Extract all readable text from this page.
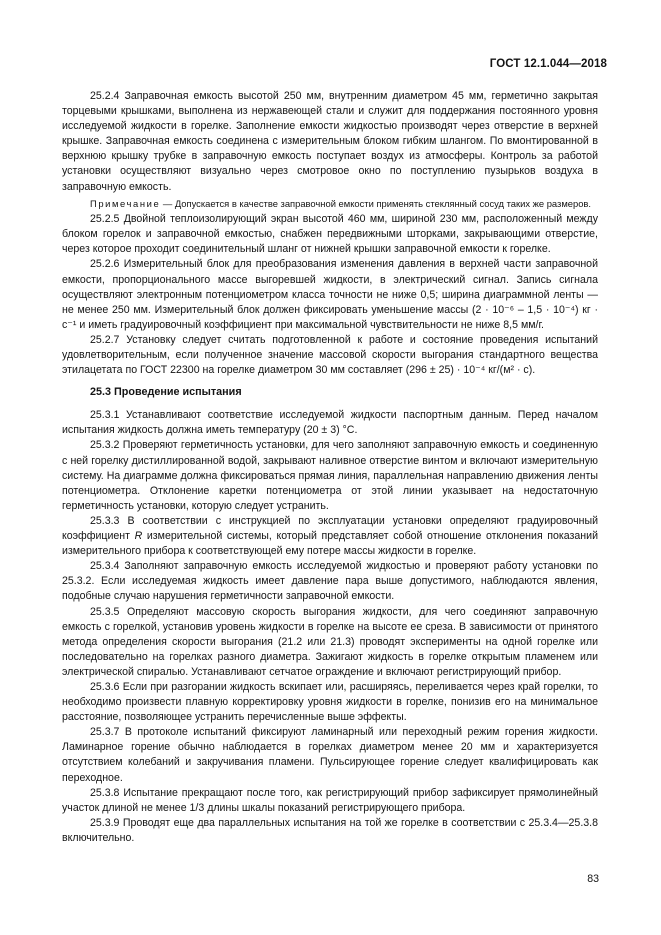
ГОСТ 12.1.044—2018

25.2.4 Заправочная емкость высотой 250 мм, внутренним диаметром 45 мм, герметично закрытая торцевыми крышками, выполнена из нержавеющей стали и служит для поддержания постоянного уровня исследуемой жидкости в горелке. Заполнение емкости жидкостью производят через отверстие в верхней крышке. Заправочная емкость соединена с измерительным блоком гибким шлангом. По вмонтированной в верхнюю крышку трубке в заправочную емкость поступает воздух из атмосферы. Контроль за работой установки осуществляют визуально через смотровое окно по поступлению пузырьков воздуха в заправочную емкость.

Примечание — Допускается в качестве заправочной емкости применять стеклянный сосуд таких же размеров.

25.2.5 Двойной теплоизолирующий экран высотой 460 мм, шириной 230 мм, расположенный между блоком горелок и заправочной емкостью, снабжен передвижными шторками, закрывающими отверстие, через которое проходит соединительный шланг от нижней крышки заправочной емкости к горелке.

25.2.6 Измерительный блок для преобразования изменения давления в верхней части заправочной емкости, пропорционального массе выгоревшей жидкости, в электрический сигнал. Запись сигнала осуществляют электронным потенциометром класса точности не ниже 0,5; ширина диаграммной ленты — не менее 250 мм. Измерительный блок должен фиксировать уменьшение массы (2 · 10⁻⁶ – 1,5 · 10⁻⁴) кг · с⁻¹ и иметь градуировочный коэффициент при максимальной чувствительности не ниже 8,5 мм/г.

25.2.7 Установку следует считать подготовленной к работе и состояние проведения испытаний удовлетворительным, если полученное значение массовой скорости выгорания стандартного вещества этилацетата по ГОСТ 22300 на горелке диаметром 30 мм составляет (296 ± 25) · 10⁻⁴ кг/(м² · с).

25.3 Проведение испытания

25.3.1 Устанавливают соответствие исследуемой жидкости паспортным данным. Перед началом испытания жидкость должна иметь температуру (20 ± 3) °С.

25.3.2 Проверяют герметичность установки, для чего заполняют заправочную емкость и соединенную с ней горелку дистиллированной водой, закрывают наливное отверстие винтом и включают измерительную систему. На диаграмме должна фиксироваться прямая линия, параллельная направлению движения ленты потенциометра. Отклонение каретки потенциометра от этой линии указывает на недостаточную герметичность установки, которую следует устранить.

25.3.3 В соответствии с инструкцией по эксплуатации установки определяют градуировочный коэффициент R измерительной системы, который представляет собой отношение отклонения показаний измерительного прибора к соответствующей ему потере массы жидкости в горелке.

25.3.4 Заполняют заправочную емкость исследуемой жидкостью и проверяют работу установки по 25.3.2. Если исследуемая жидкость имеет давление пара выше допустимого, наблюдаются явления, подобные случаю нарушения герметичности заправочной емкости.

25.3.5 Определяют массовую скорость выгорания жидкости, для чего соединяют заправочную емкость с горелкой, установив уровень жидкости в горелке на высоте ее среза. В зависимости от принятого метода определения скорости выгорания (21.2 или 21.3) проводят эксперименты на одной горелке или последовательно на горелках разного диаметра. Зажигают жидкость в горелке открытым пламенем или электрической спиралью. Устанавливают сетчатое ограждение и включают регистрирующий прибор.

25.3.6 Если при разгорании жидкость вскипает или, расширяясь, переливается через край горелки, то необходимо произвести плавную корректировку уровня жидкости в горелке, понизив его на минимальное расстояние, позволяющее устранить перечисленные выше эффекты.

25.3.7 В протоколе испытаний фиксируют ламинарный или переходный режим горения жидкости. Ламинарное горение обычно наблюдается в горелках диаметром менее 20 мм и характеризуется отсутствием колебаний и закручивания пламени. Пульсирующее горение следует квалифицировать как переходное.

25.3.8 Испытание прекращают после того, как регистрирующий прибор зафиксирует прямолинейный участок длиной не менее 1/3 длины шкалы показаний регистрирующего прибора.

25.3.9 Проводят еще два параллельных испытания на той же горелке в соответствии с 25.3.4—25.3.8 включительно.

83
